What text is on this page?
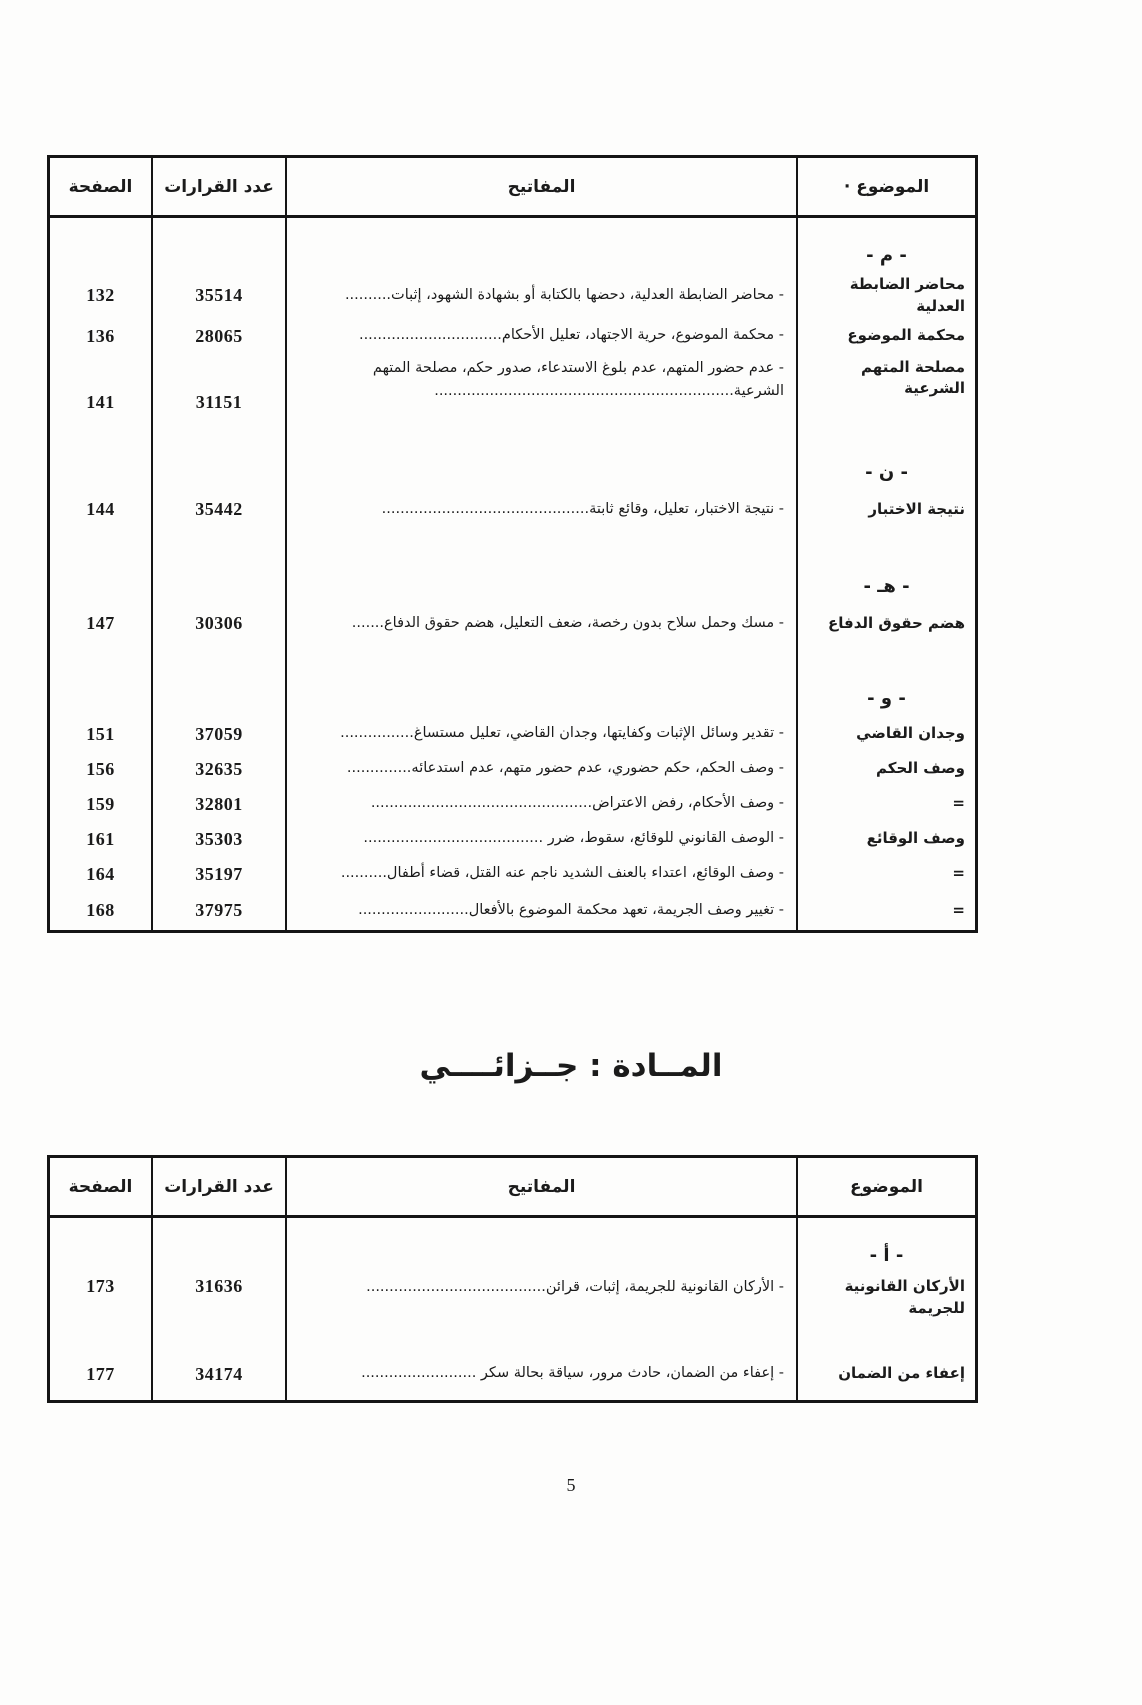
الموضوع ·
المفاتيح
عدد القرارات
الصفحة
- م -
محاضر الضابطة العدلية
- محاضر الضابطة العدلية، دحضها بالكتابة أو بشهادة الشهود، إثبات..........
35514
132
محكمة الموضوع
- محكمة الموضوع، حرية الاجتهاد، تعليل الأحكام...............................
28065
136
مصلحة المتهم الشرعية
- عدم حضور المتهم، عدم بلوغ الاستدعاء، صدور حكم، مصلحة المتهم
الشرعية.................................................................
31151
141
- ن -
نتيجة الاختبار
- نتيجة الاختبار، تعليل، وقائع ثابتة.............................................
35442
144
- هـ -
هضم حقوق الدفاع
- مسك وحمل سلاح بدون رخصة، ضعف التعليل، هضم حقوق الدفاع.......
30306
147
- و -
وجدان القاضي
- تقدير وسائل الإثبات وكفايتها، وجدان القاضي، تعليل مستساغ................
37059
151
وصف الحكم
- وصف الحكم، حكم حضوري، عدم حضور متهم، عدم استدعائه..............
32635
156
=
- وصف الأحكام، رفض الاعتراض................................................
32801
159
وصف الوقائع
- الوصف القانوني للوقائع، سقوط، ضرر .......................................
35303
161
=
- وصف الوقائع، اعتداء بالعنف الشديد ناجم عنه القتل، قضاء أطفال..........
35197
164
=
- تغيير وصف الجريمة، تعهد محكمة الموضوع بالأفعال........................
37975
168
المــادة : جــزائــــي
الموضوع
المفاتيح
عدد القرارات
الصفحة
- أ -
الأركان القانونية للجريمة
- الأركان القانونية للجريمة، إثبات، قرائن.......................................
31636
173
إعفاء من الضمان
- إعفاء من الضمان، حادث مرور، سياقة بحالة سكر .........................
34174
177
5
